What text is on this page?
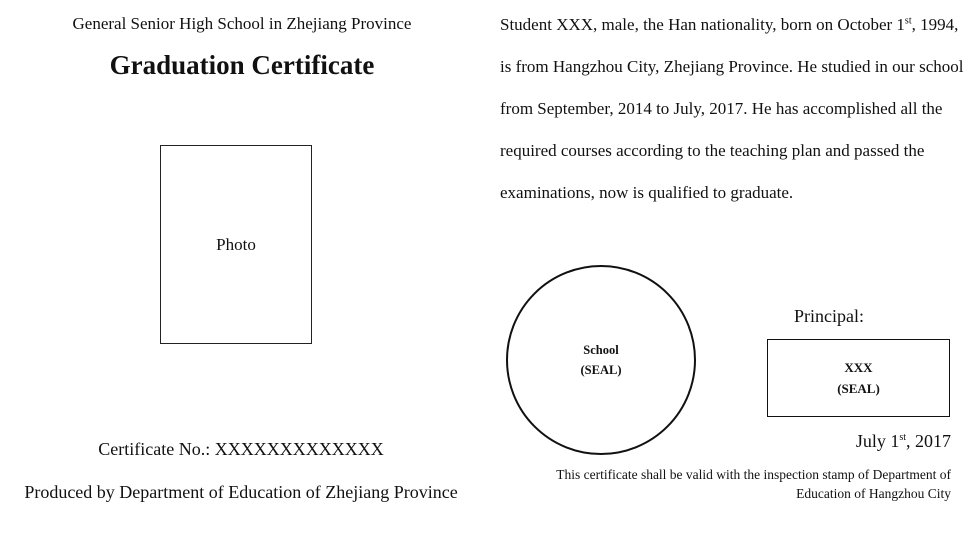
General Senior High School in Zhejiang Province
Graduation Certificate
Photo
Certificate No.: XXXXXXXXXXXXX
Produced by Department of Education of Zhejiang Province
Student XXX, male, the Han nationality, born on October 1st, 1994, is from Hangzhou City, Zhejiang Province. He studied in our school from September, 2014 to July, 2017. He has accomplished all the required courses according to the teaching plan and passed the examinations, now is qualified to graduate.
School
(SEAL)
Principal:
XXX
(SEAL)
July 1st, 2017
This certificate shall be valid with the inspection stamp of Department of Education of Hangzhou City
